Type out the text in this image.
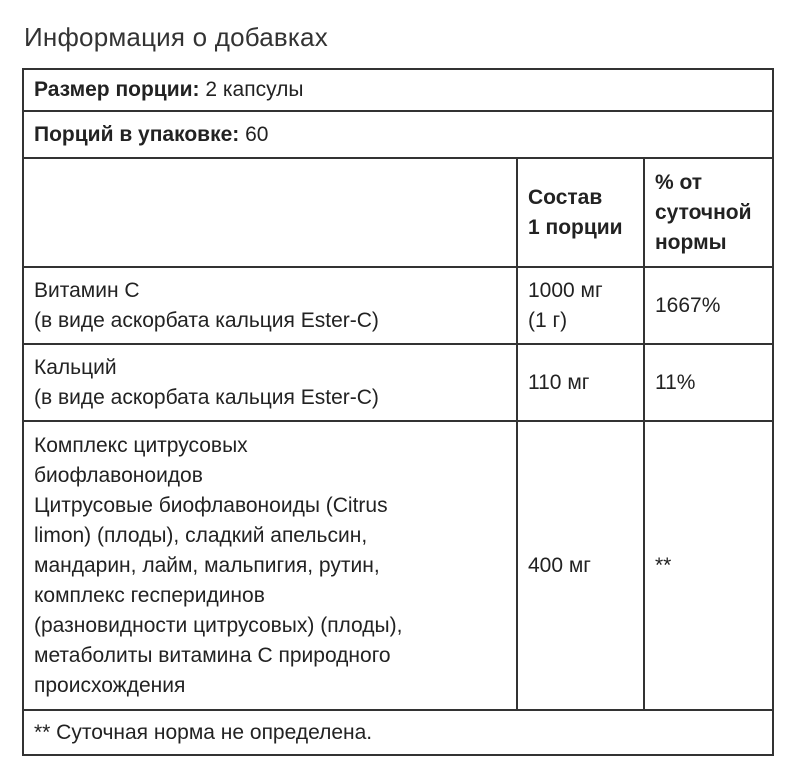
Информация о добавках
Размер порции: 2 капсулы
Порций в упаковке: 60
Состав
1 порции
% от
суточной
нормы
Витамин C
(в виде аскорбата кальция Ester-C)
1000 мг
(1 г)
1667%
Кальций
(в виде аскорбата кальция Ester-C)
110 мг	11%
Комплекс цитрусовых
биофлавоноидов
Цитрусовые биофлавоноиды (Citrus
limon) (плоды), сладкий апельсин,
мандарин, лайм, мальпигия, рутин,
комплекс гесперидинов
(разновидности цитрусовых) (плоды),
метаболиты витамина C природного
происхождения
400 мг	**
** Суточная норма не определена.
